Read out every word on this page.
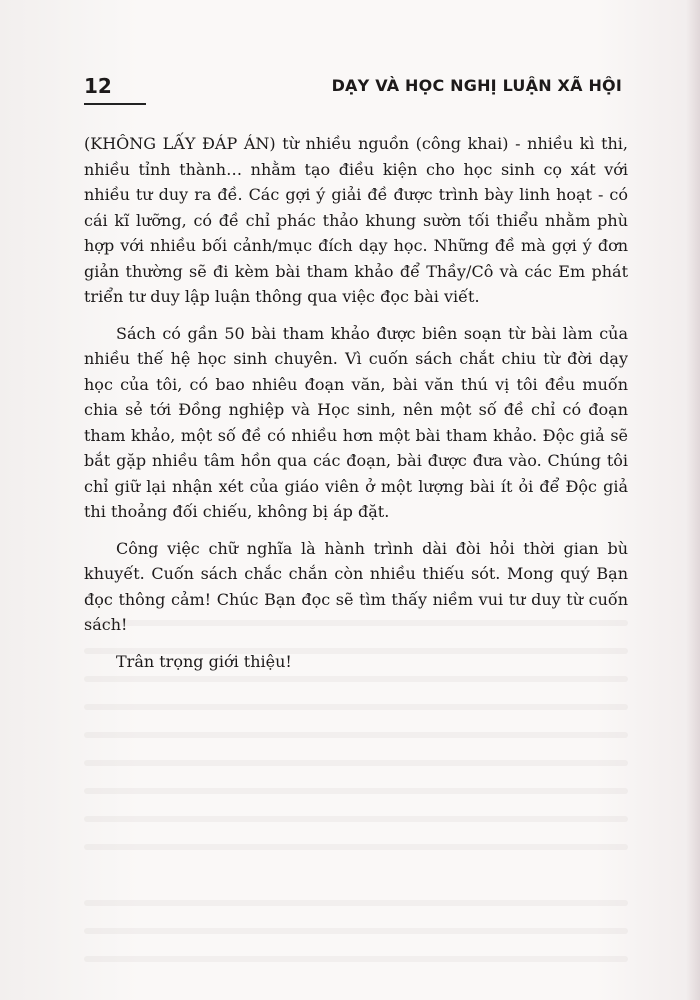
12	DẠY VÀ HỌC NGHỊ LUẬN XÃ HỘI

(KHÔNG LẤY ĐÁP ÁN) từ nhiều nguồn (công khai) - nhiều kì thi, nhiều tỉnh thành… nhằm tạo điều kiện cho học sinh cọ xát với nhiều tư duy ra đề. Các gợi ý giải đề được trình bày linh hoạt - có cái kĩ lưỡng, có đề chỉ phác thảo khung sườn tối thiểu nhằm phù hợp với nhiều bối cảnh/mục đích dạy học. Những đề mà gợi ý đơn giản thường sẽ đi kèm bài tham khảo để Thầy/Cô và các Em phát triển tư duy lập luận thông qua việc đọc bài viết.

Sách có gần 50 bài tham khảo được biên soạn từ bài làm của nhiều thế hệ học sinh chuyên. Vì cuốn sách chắt chiu từ đời dạy học của tôi, có bao nhiêu đoạn văn, bài văn thú vị tôi đều muốn chia sẻ tới Đồng nghiệp và Học sinh, nên một số đề chỉ có đoạn tham khảo, một số đề có nhiều hơn một bài tham khảo. Độc giả sẽ bắt gặp nhiều tâm hồn qua các đoạn, bài được đưa vào. Chúng tôi chỉ giữ lại nhận xét của giáo viên ở một lượng bài ít ỏi để Độc giả thi thoảng đối chiếu, không bị áp đặt.

Công việc chữ nghĩa là hành trình dài đòi hỏi thời gian bù khuyết. Cuốn sách chắc chắn còn nhiều thiếu sót. Mong quý Bạn đọc thông cảm! Chúc Bạn đọc sẽ tìm thấy niềm vui tư duy từ cuốn sách!

Trân trọng giới thiệu!
